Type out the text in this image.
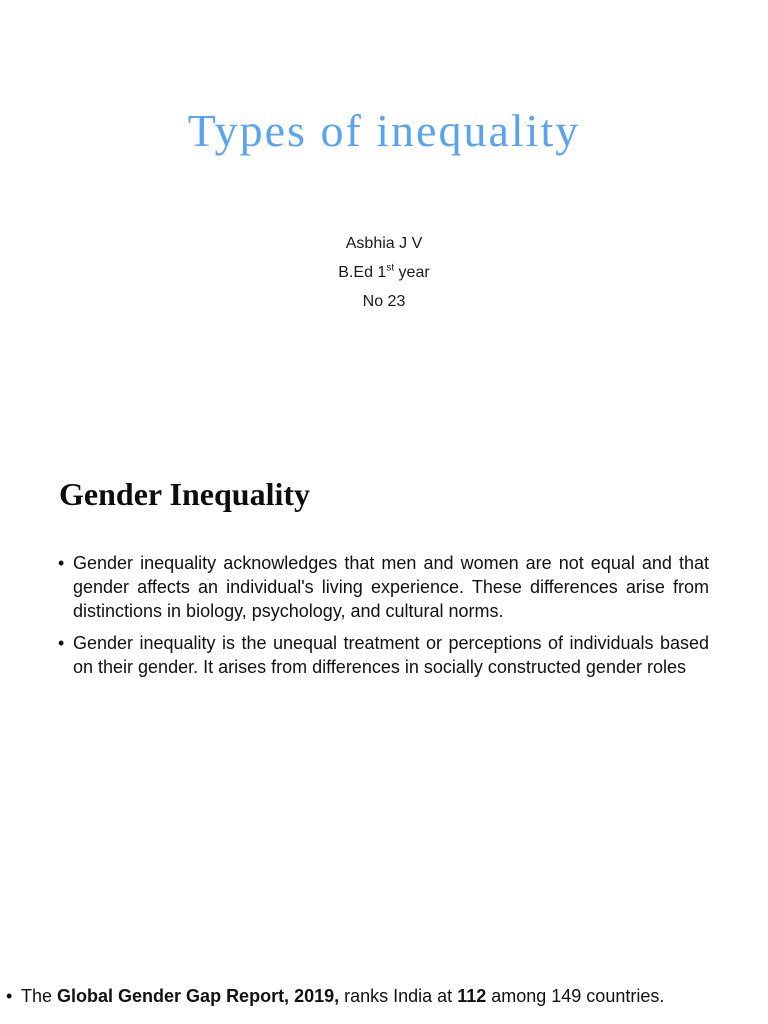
Types of inequality
Asbhia J V
B.Ed 1st year
No 23
Gender Inequality
• Gender inequality acknowledges that men and women are not equal and that gender affects an individual's living experience. These differences arise from distinctions in biology, psychology, and cultural norms.
• Gender inequality is the unequal treatment or perceptions of individuals based on their gender. It arises from differences in socially constructed gender roles
• The Global Gender Gap Report, 2019, ranks India at 112 among 149 countries.
